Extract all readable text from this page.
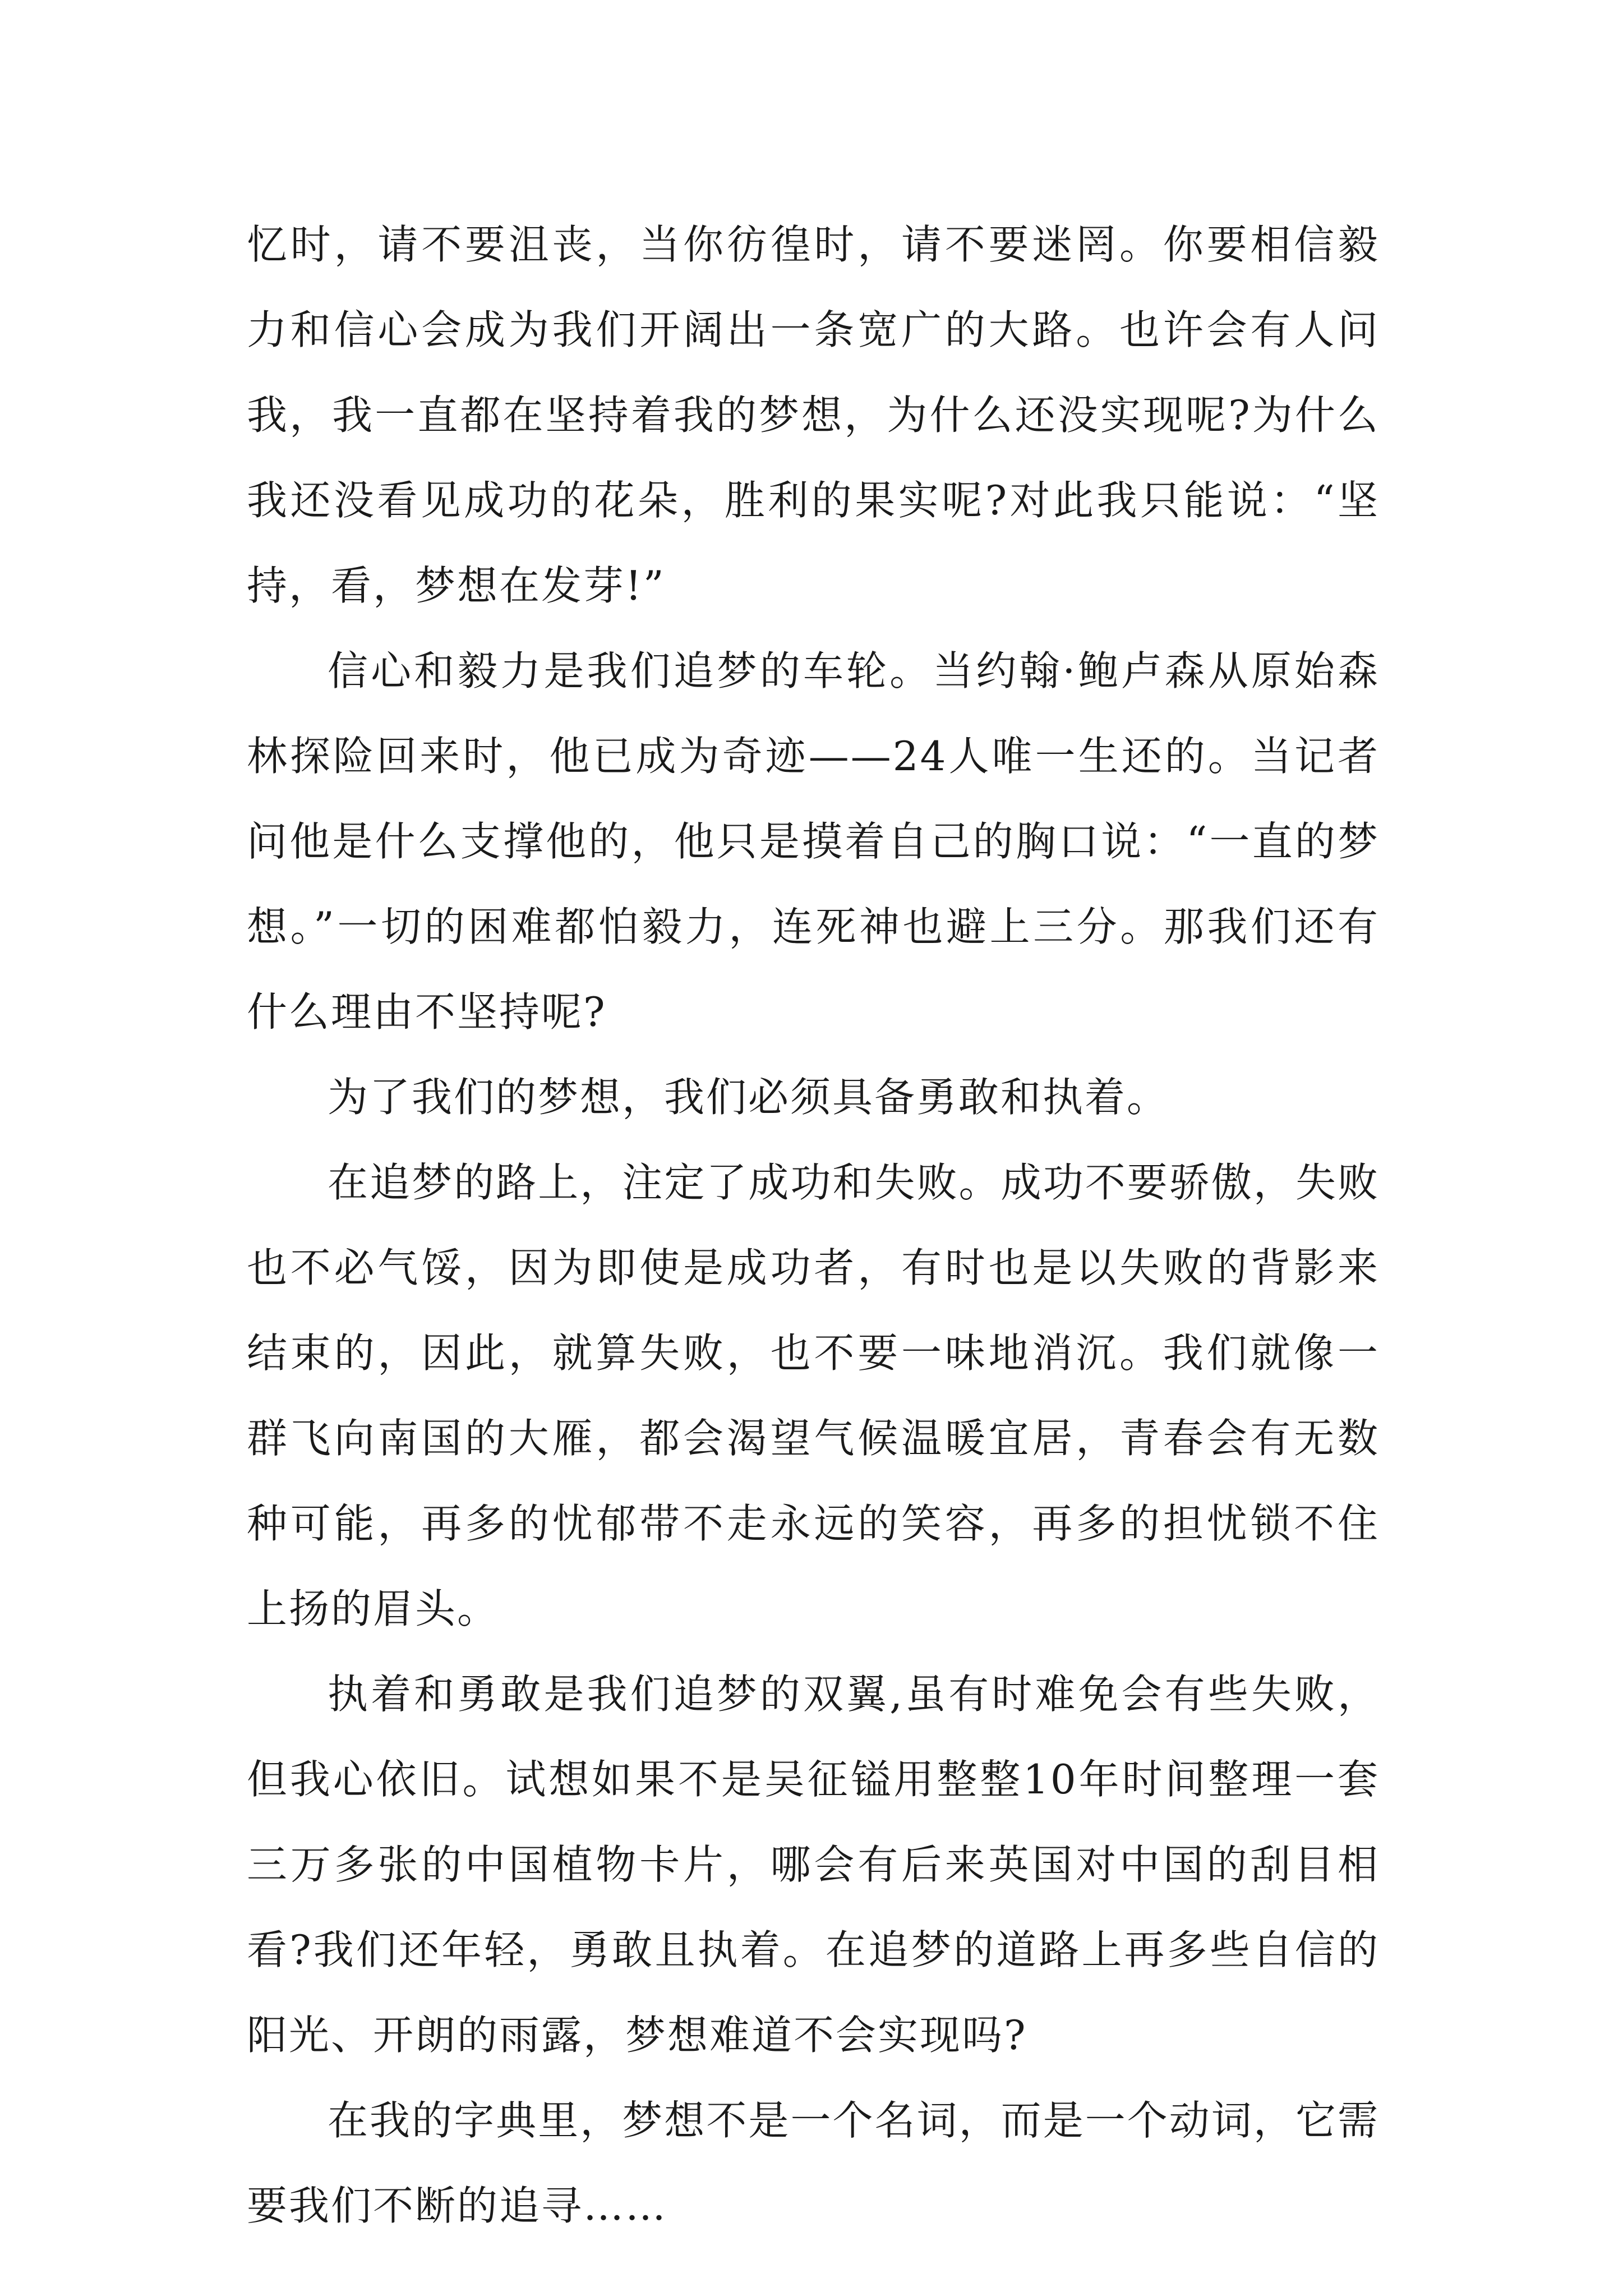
忆时，请不要沮丧，当你彷徨时，请不要迷罔。你要相信毅力和信心会成为我们开阔出一条宽广的大路。也许会有人问我，我一直都在坚持着我的梦想，为什么还没实现呢?为什么我还没看见成功的花朵，胜利的果实呢?对此我只能说：“坚持，看，梦想在发芽!”

信心和毅力是我们追梦的车轮。当约翰·鲍卢森从原始森林探险回来时，他已成为奇迹——24人唯一生还的。当记者问他是什么支撑他的，他只是摸着自己的胸口说：“一直的梦想。”一切的困难都怕毅力，连死神也避上三分。那我们还有什么理由不坚持呢?

为了我们的梦想，我们必须具备勇敢和执着。

在追梦的路上，注定了成功和失败。成功不要骄傲，失败也不必气馁，因为即使是成功者，有时也是以失败的背影来结束的，因此，就算失败，也不要一味地消沉。我们就像一群飞向南国的大雁，都会渴望气候温暖宜居，青春会有无数种可能，再多的忧郁带不走永远的笑容，再多的担忧锁不住上扬的眉头。

执着和勇敢是我们追梦的双翼,虽有时难免会有些失败，但我心依旧。试想如果不是吴征镒用整整10年时间整理一套三万多张的中国植物卡片，哪会有后来英国对中国的刮目相看?我们还年轻，勇敢且执着。在追梦的道路上再多些自信的阳光、开朗的雨露，梦想难道不会实现吗?

在我的字典里，梦想不是一个名词，而是一个动词，它需要我们不断的追寻……
